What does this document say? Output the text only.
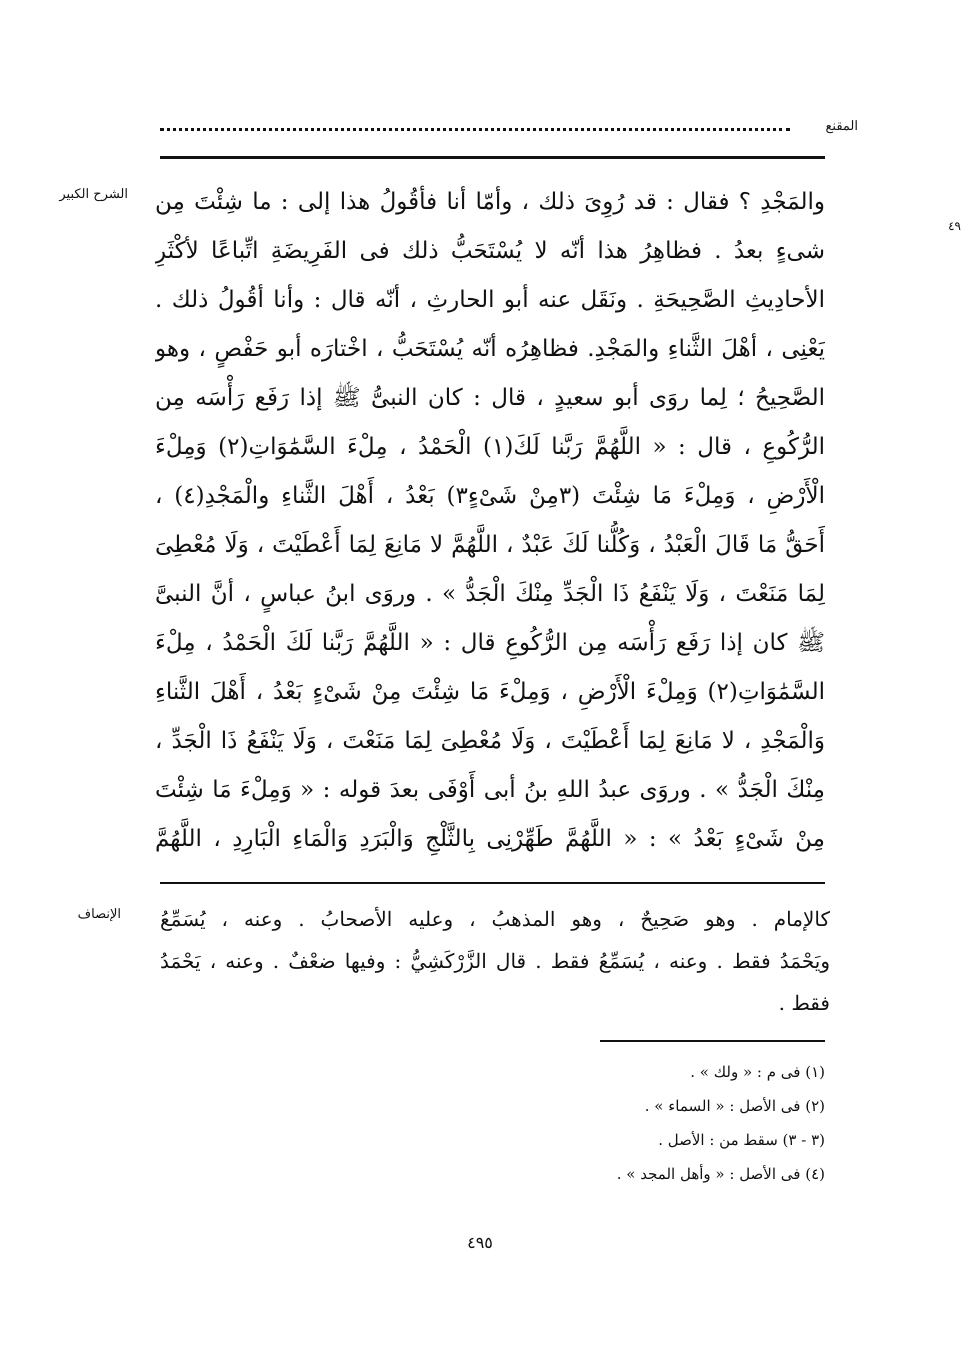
المقنع
الشرح الكبير
٤٩
والمَجْدِ ؟ فقال : قد رُوِىَ ذلك ، وأمّا أنا فأقُولُ هذا إلى : ما شِئْتَ مِن
شىءٍ بعدُ . فظاهِرُ هذا أنّه لا يُسْتَحَبُّ ذلك فى الفَرِيضَةِ اتِّباعًا لأكْثَرِ
الأحادِيثِ الصَّحِيحَةِ . ونَقَل عنه أبو الحارثِ ، أنّه قال : وأنا أقُولُ ذلك .
يَعْنِى ، أهْلَ الثَّناءِ والمَجْدِ. فظاهِرُه أنّه يُسْتَحَبُّ ، اخْتارَه أبو حَفْصٍ ، وهو
الصَّحِيحُ ؛ لِما روَى أبو سعيدٍ ، قال : كان النبىُّ ﷺ إذا رَفَع رَأْسَه مِن
الرُّكُوعِ ، قال : « اللَّهُمَّ رَبَّنا لَكَ(١) الْحَمْدُ ، مِلْءَ السَّمَٰوَاتِ(٢) وَمِلْءَ
الْأَرْضِ ، وَمِلْءَ مَا شِئْتَ (٣مِنْ شَىْءٍ٣) بَعْدُ ، أَهْلَ الثَّناءِ والْمَجْدِ(٤) ،
أَحَقُّ مَا قَالَ الْعَبْدُ ، وَكُلُّنا لَكَ عَبْدٌ ، اللَّهُمَّ لا مَانِعَ لِمَا أَعْطَيْتَ ، وَلَا مُعْطِىَ
لِمَا مَنَعْتَ ، وَلَا يَنْفَعُ ذَا الْجَدِّ مِنْكَ الْجَدُّ » . وروَى ابنُ عباسٍ ، أنَّ النبىَّ
ﷺ كان إذا رَفَع رَأْسَه مِن الرُّكُوعِ قال : « اللَّهُمَّ رَبَّنا لَكَ الْحَمْدُ ، مِلْءَ
السَّمَٰوَاتِ(٢) وَمِلْءَ الْأَرْضِ ، وَمِلْءَ مَا شِئْتَ مِنْ شَىْءٍ بَعْدُ ، أَهْلَ الثَّناءِ
وَالْمَجْدِ ، لا مَانِعَ لِمَا أَعْطَيْتَ ، وَلَا مُعْطِىَ لِمَا مَنَعْتَ ، وَلَا يَنْفَعُ ذَا الْجَدِّ ،
مِنْكَ الْجَدُّ » . وروَى عبدُ اللهِ بنُ أبى أَوْفَى بعدَ قوله : « وَمِلْءَ مَا شِئْتَ
مِنْ شَىْءٍ بَعْدُ » : « اللَّهُمَّ طَهِّرْنِى بِالثَّلْجِ وَالْبَرَدِ وَالْمَاءِ الْبَارِدِ ، اللَّهُمَّ
الإنصاف كالإمام . وهو صَحِيحٌ ، وهو المذهبُ ، وعليه الأصحابُ . وعنه ، يُسَمِّعُ
ويَحْمَدُ فقط . وعنه ، يُسَمِّعُ فقط . قال الزَّرْكَشِيُّ : وفيها ضعْفٌ . وعنه ، يَحْمَدُ
فقط .
(١) فى م : « ولك » .
(٢) فى الأصل : « السماء » .
(٣ - ٣) سقط من : الأصل .
(٤) فى الأصل : « وأهل المجد » .
٤٩٥
